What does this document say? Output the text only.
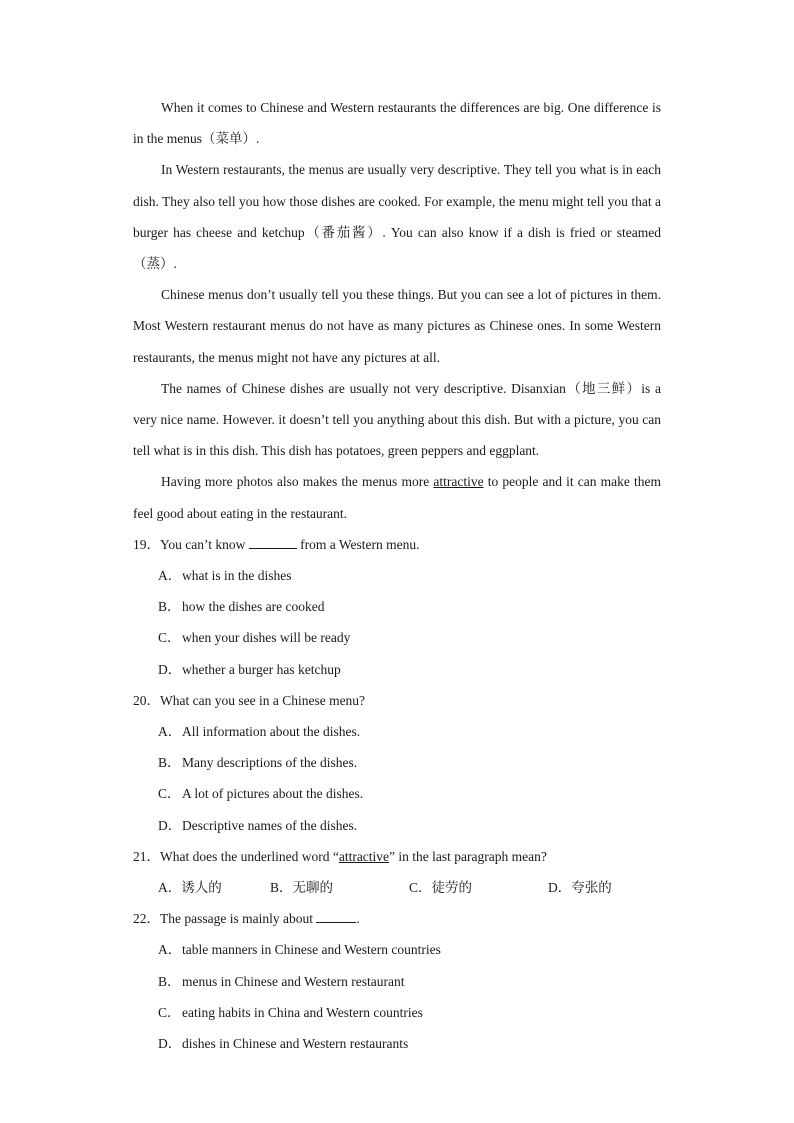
When it comes to Chinese and Western restaurants the differences are big. One difference is in the menus（菜单）.

In Western restaurants, the menus are usually very descriptive. They tell you what is in each dish. They also tell you how those dishes are cooked. For example, the menu might tell you that a burger has cheese and ketchup（番茄酱）. You can also know if a dish is fried or steamed（蒸）.

Chinese menus don’t usually tell you these things. But you can see a lot of pictures in them. Most Western restaurant menus do not have as many pictures as Chinese ones. In some Western restaurants, the menus might not have any pictures at all.

The names of Chinese dishes are usually not very descriptive. Disanxian（地三鲜）is a very nice name. However. it doesn’t tell you anything about this dish. But with a picture, you can tell what is in this dish. This dish has potatoes, green peppers and eggplant.

Having more photos also makes the menus more attractive to people and it can make them feel good about eating in the restaurant.

19．You can’t know	from a Western menu.

A．what is in the dishes

B．how the dishes are cooked

C．when your dishes will be ready

D．whether a burger has ketchup

20．What can you see in a Chinese menu?

A．All information about the dishes.

B．Many descriptions of the dishes.

C．A lot of pictures about the dishes.

D．Descriptive names of the dishes.

21．What does the underlined word “attractive” in the last paragraph mean?

A．诱人的	B．无聊的	C．徒劳的	D．夸张的

22．The passage is mainly about	.

A．table manners in Chinese and Western countries

B．menus in Chinese and Western restaurant

C．eating habits in China and Western countries

D．dishes in Chinese and Western restaurants
